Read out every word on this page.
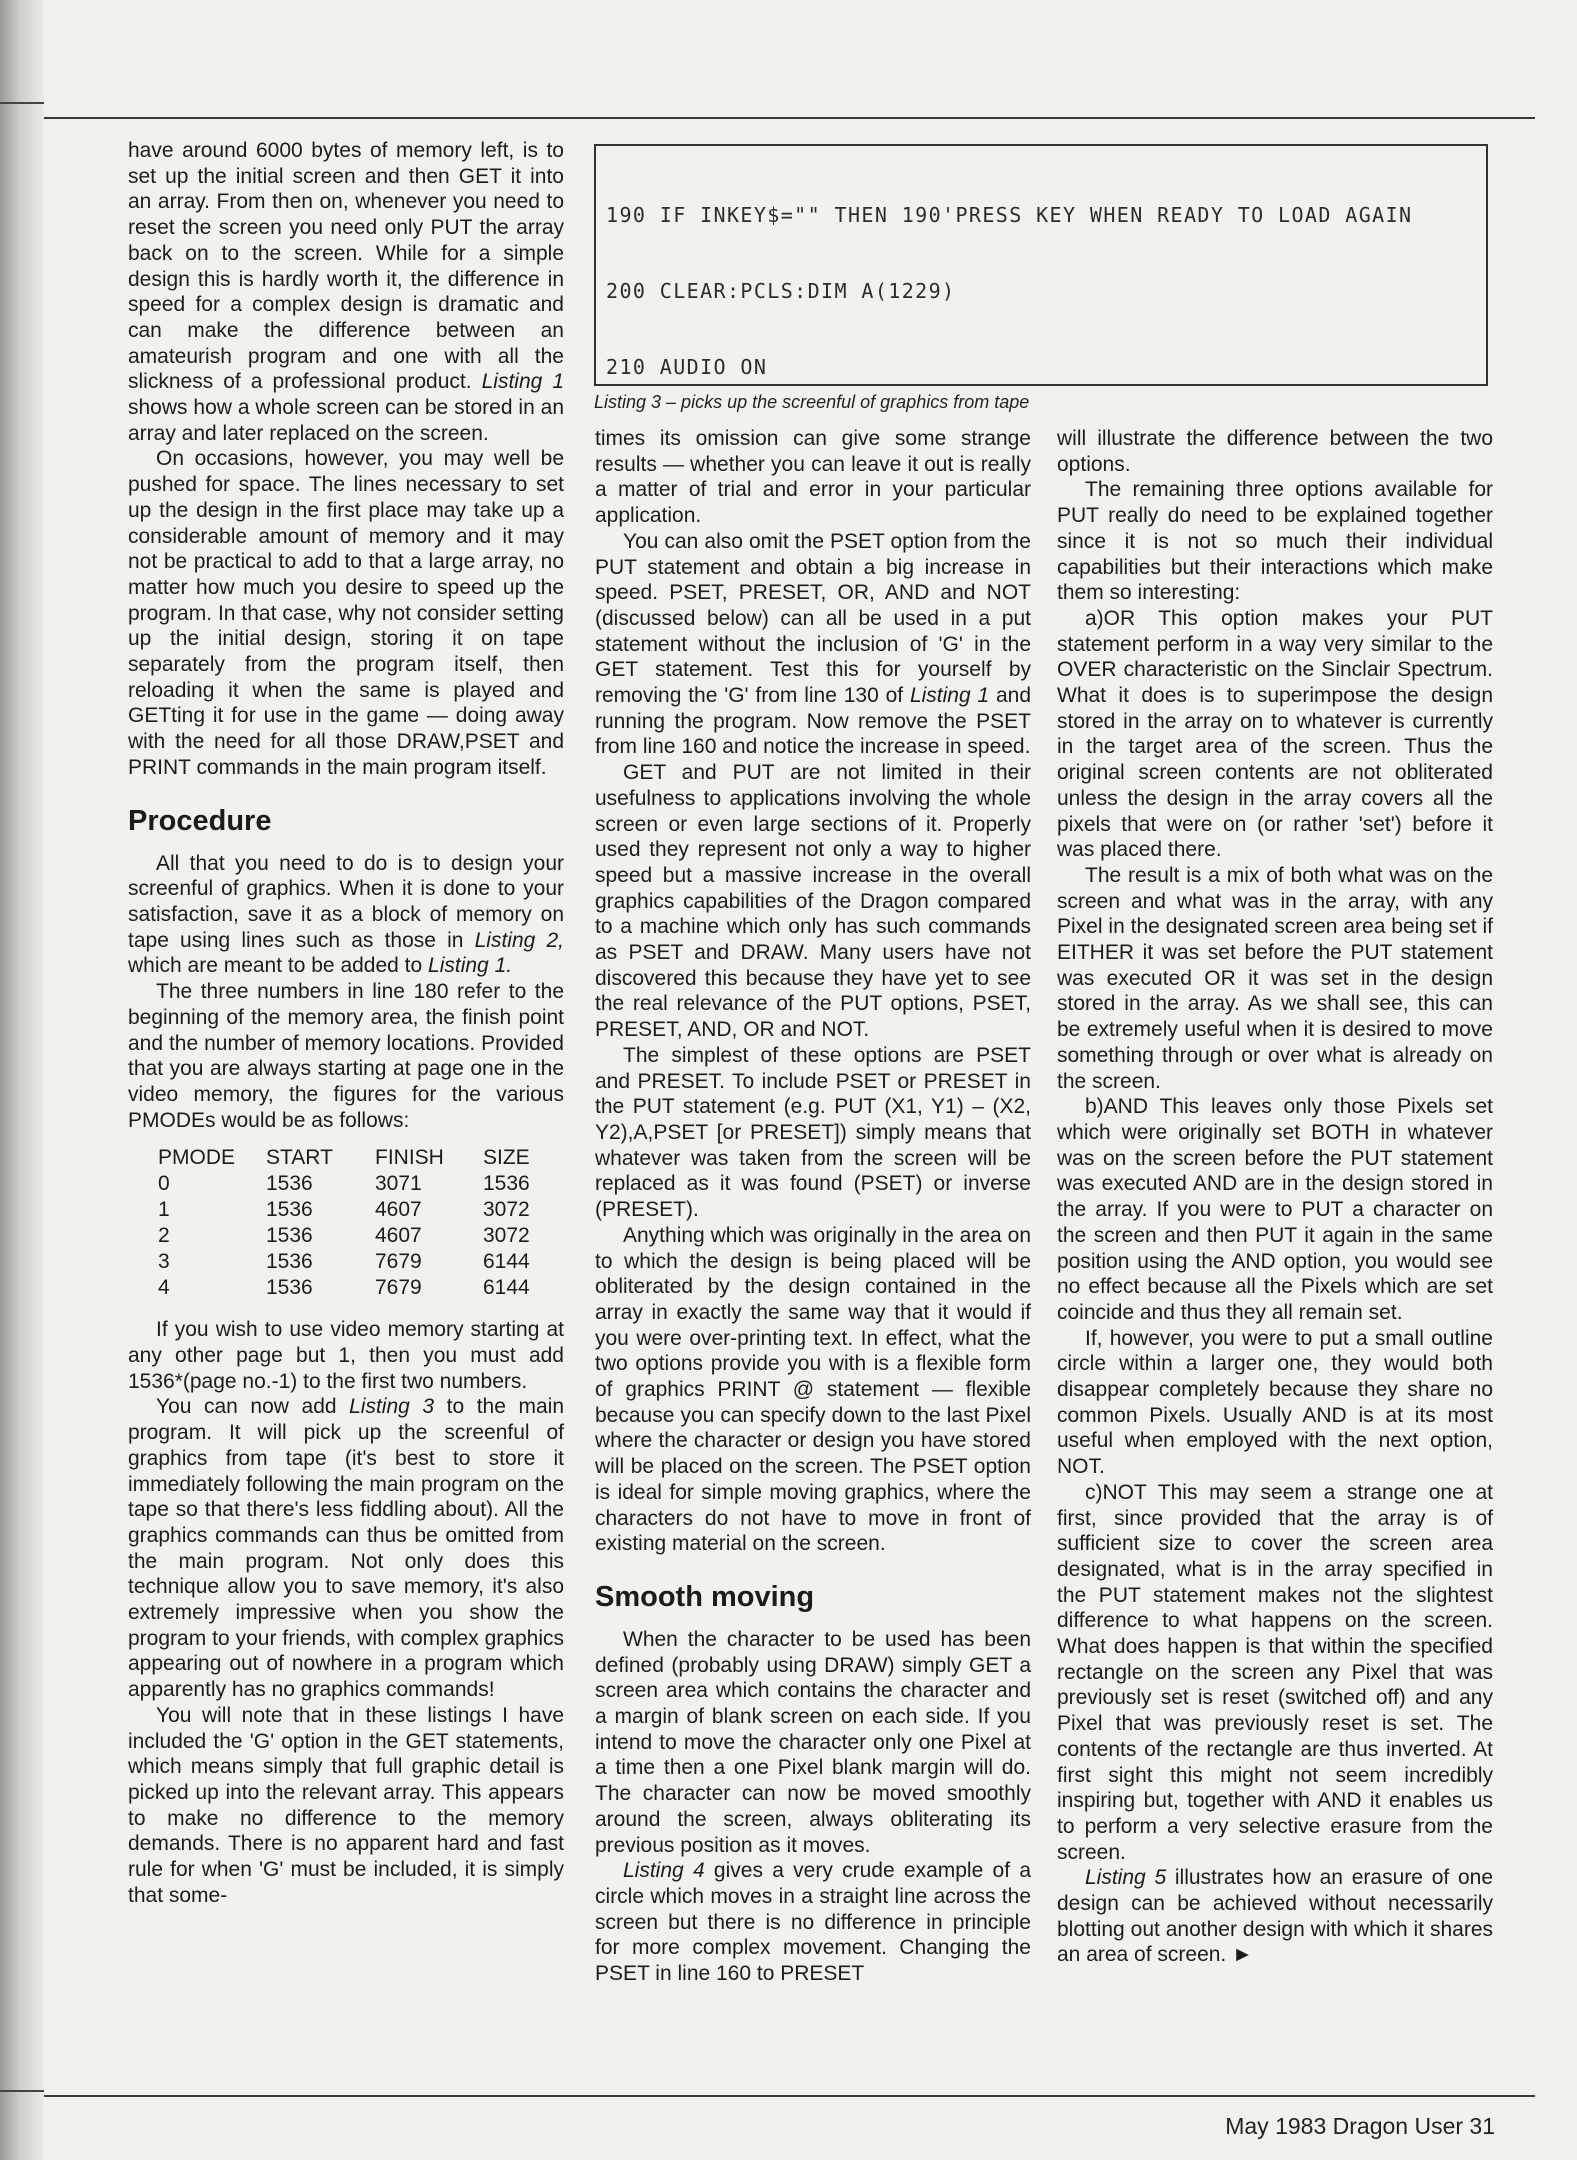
190 IF INKEY$="" THEN 190'PRESS KEY WHEN READY TO LOAD AGAIN

200 CLEAR:PCLS:DIM A(1229)

210 AUDIO ON

Listing 3 – picks up the screenful of graphics from tape

have around 6000 bytes of memory left, is to set up the initial screen and then GET it into an array. From then on, whenever you need to reset the screen you need only PUT the array back on to the screen. While for a simple design this is hardly worth it, the difference in speed for a complex design is dramatic and can make the difference between an amateurish program and one with all the slickness of a professional product. Listing 1 shows how a whole screen can be stored in an array and later replaced on the screen.

On occasions, however, you may well be pushed for space. The lines necessary to set up the design in the first place may take up a considerable amount of memory and it may not be practical to add to that a large array, no matter how much you desire to speed up the program. In that case, why not consider setting up the initial design, storing it on tape separately from the program itself, then reloading it when the same is played and GETting it for use in the game — doing away with the need for all those DRAW,PSET and PRINT commands in the main program itself.

Procedure

All that you need to do is to design your screenful of graphics. When it is done to your satisfaction, save it as a block of memory on tape using lines such as those in Listing 2, which are meant to be added to Listing 1.

The three numbers in line 180 refer to the beginning of the memory area, the finish point and the number of memory locations. Provided that you are always starting at page one in the video memory, the figures for the various PMODEs would be as follows:

PMODE	START	FINISH	SIZE
0	1536	3071	1536
1	1536	4607	3072
2	1536	4607	3072
3	1536	7679	6144
4	1536	7679	6144

If you wish to use video memory starting at any other page but 1, then you must add 1536*(page no.-1) to the first two numbers.

You can now add Listing 3 to the main program. It will pick up the screenful of graphics from tape (it's best to store it immediately following the main program on the tape so that there's less fiddling about). All the graphics commands can thus be omitted from the main program. Not only does this technique allow you to save memory, it's also extremely impressive when you show the program to your friends, with complex graphics appearing out of nowhere in a program which apparently has no graphics commands!

You will note that in these listings I have included the 'G' option in the GET statements, which means simply that full graphic detail is picked up into the relevant array. This appears to make no difference to the memory demands. There is no apparent hard and fast rule for when 'G' must be included, it is simply that some-

times its omission can give some strange results — whether you can leave it out is really a matter of trial and error in your particular application.

You can also omit the PSET option from the PUT statement and obtain a big increase in speed. PSET, PRESET, OR, AND and NOT (discussed below) can all be used in a put statement without the inclusion of 'G' in the GET statement. Test this for yourself by removing the 'G' from line 130 of Listing 1 and running the program. Now remove the PSET from line 160 and notice the increase in speed.

GET and PUT are not limited in their usefulness to applications involving the whole screen or even large sections of it. Properly used they represent not only a way to higher speed but a massive increase in the overall graphics capabilities of the Dragon compared to a machine which only has such commands as PSET and DRAW. Many users have not discovered this because they have yet to see the real relevance of the PUT options, PSET, PRESET, AND, OR and NOT.

The simplest of these options are PSET and PRESET. To include PSET or PRESET in the PUT statement (e.g. PUT (X1, Y1) – (X2, Y2),A,PSET [or PRESET]) simply means that whatever was taken from the screen will be replaced as it was found (PSET) or inverse (PRESET).

Anything which was originally in the area on to which the design is being placed will be obliterated by the design contained in the array in exactly the same way that it would if you were over-printing text. In effect, what the two options provide you with is a flexible form of graphics PRINT @ statement — flexible because you can specify down to the last Pixel where the character or design you have stored will be placed on the screen. The PSET option is ideal for simple moving graphics, where the characters do not have to move in front of existing material on the screen.

Smooth moving

When the character to be used has been defined (probably using DRAW) simply GET a screen area which contains the character and a margin of blank screen on each side. If you intend to move the character only one Pixel at a time then a one Pixel blank margin will do. The character can now be moved smoothly around the screen, always obliterating its previous position as it moves.

Listing 4 gives a very crude example of a circle which moves in a straight line across the screen but there is no difference in principle for more complex movement. Changing the PSET in line 160 to PRESET

will illustrate the difference between the two options.

The remaining three options available for PUT really do need to be explained together since it is not so much their individual capabilities but their interactions which make them so interesting:

a)OR This option makes your PUT statement perform in a way very similar to the OVER characteristic on the Sinclair Spectrum. What it does is to superimpose the design stored in the array on to whatever is currently in the target area of the screen. Thus the original screen contents are not obliterated unless the design in the array covers all the pixels that were on (or rather 'set') before it was placed there.

The result is a mix of both what was on the screen and what was in the array, with any Pixel in the designated screen area being set if EITHER it was set before the PUT statement was executed OR it was set in the design stored in the array. As we shall see, this can be extremely useful when it is desired to move something through or over what is already on the screen.

b)AND This leaves only those Pixels set which were originally set BOTH in whatever was on the screen before the PUT statement was executed AND are in the design stored in the array. If you were to PUT a character on the screen and then PUT it again in the same position using the AND option, you would see no effect because all the Pixels which are set coincide and thus they all remain set.

If, however, you were to put a small outline circle within a larger one, they would both disappear completely because they share no common Pixels. Usually AND is at its most useful when employed with the next option, NOT.

c)NOT This may seem a strange one at first, since provided that the array is of sufficient size to cover the screen area designated, what is in the array specified in the PUT statement makes not the slightest difference to what happens on the screen. What does happen is that within the specified rectangle on the screen any Pixel that was previously set is reset (switched off) and any Pixel that was previously reset is set. The contents of the rectangle are thus inverted. At first sight this might not seem incredibly inspiring but, together with AND it enables us to perform a very selective erasure from the screen.

Listing 5 illustrates how an erasure of one design can be achieved without necessarily blotting out another design with which it shares an area of screen. ►

May 1983 Dragon User 31
